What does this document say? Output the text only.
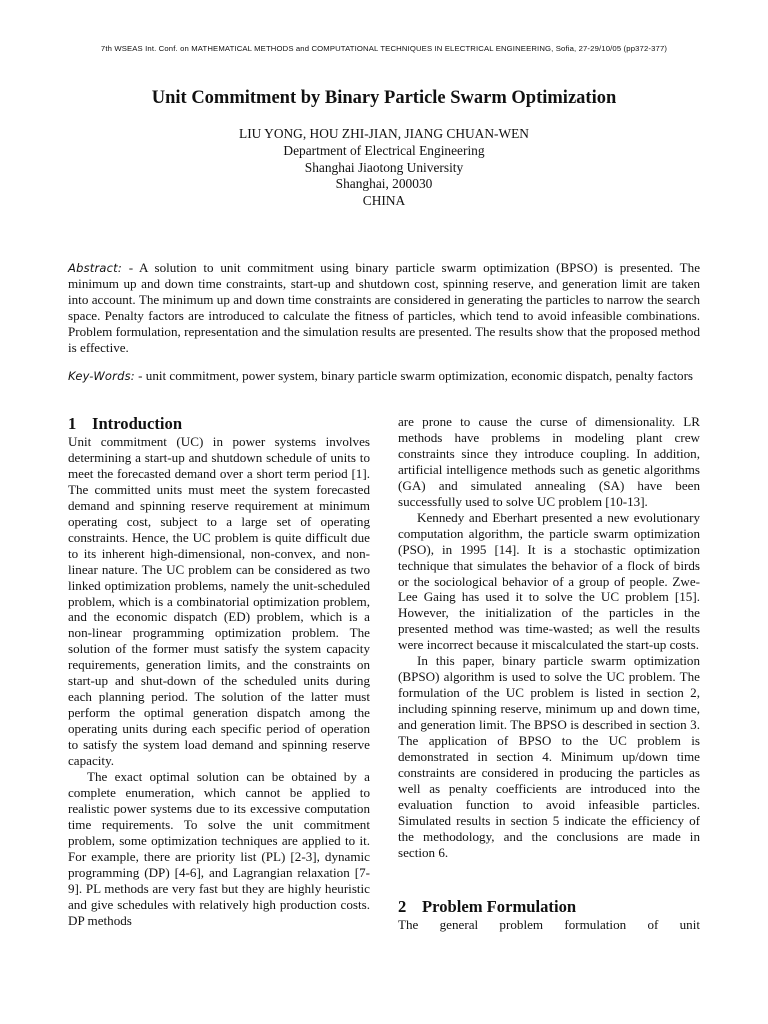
7th WSEAS Int. Conf. on MATHEMATICAL METHODS and COMPUTATIONAL TECHNIQUES IN ELECTRICAL ENGINEERING, Sofia, 27-29/10/05 (pp372-377)
Unit Commitment by Binary Particle Swarm Optimization
LIU YONG, HOU ZHI-JIAN, JIANG CHUAN-WEN
Department of Electrical Engineering
Shanghai Jiaotong University
Shanghai, 200030
CHINA
Abstract: - A solution to unit commitment using binary particle swarm optimization (BPSO) is presented. The minimum up and down time constraints, start-up and shutdown cost, spinning reserve, and generation limit are taken into account. The minimum up and down time constraints are considered in generating the particles to narrow the search space. Penalty factors are introduced to calculate the fitness of particles, which tend to avoid infeasible combinations. Problem formulation, representation and the simulation results are presented. The results show that the proposed method is effective.
Key-Words: - unit commitment, power system, binary particle swarm optimization, economic dispatch, penalty factors
1 Introduction

Unit commitment (UC) in power systems involves determining a start-up and shutdown schedule of units to meet the forecasted demand over a short term period [1]. The committed units must meet the system forecasted demand and spinning reserve requirement at minimum operating cost, subject to a large set of operating constraints. Hence, the UC problem is quite difficult due to its inherent high-dimensional, non-convex, and non-linear nature. The UC problem can be considered as two linked optimization problems, namely the unit-scheduled problem, which is a combinatorial optimization problem, and the economic dispatch (ED) problem, which is a non-linear programming optimization problem. The solution of the former must satisfy the system capacity requirements, generation limits, and the constraints on start-up and shut-down of the scheduled units during each planning period. The solution of the latter must perform the optimal generation dispatch among the operating units during each specific period of operation to satisfy the system load demand and spinning reserve capacity.

The exact optimal solution can be obtained by a complete enumeration, which cannot be applied to realistic power systems due to its excessive computation time requirements. To solve the unit commitment problem, some optimization techniques are applied to it. For example, there are priority list (PL) [2-3], dynamic programming (DP) [4-6], and Lagrangian relaxation [7-9]. PL methods are very fast but they are highly heuristic and give schedules with relatively high production costs. DP methods

are prone to cause the curse of dimensionality. LR methods have problems in modeling plant crew constraints since they introduce coupling. In addition, artificial intelligence methods such as genetic algorithms (GA) and simulated annealing (SA) have been successfully used to solve UC problem [10-13].

Kennedy and Eberhart presented a new evolutionary computation algorithm, the particle swarm optimization (PSO), in 1995 [14]. It is a stochastic optimization technique that simulates the behavior of a flock of birds or the sociological behavior of a group of people. Zwe-Lee Gaing has used it to solve the UC problem [15]. However, the initialization of the particles in the presented method was time-wasted; as well the results were incorrect because it miscalculated the start-up costs.

In this paper, binary particle swarm optimization (BPSO) algorithm is used to solve the UC problem. The formulation of the UC problem is listed in section 2, including spinning reserve, minimum up and down time, and generation limit. The BPSO is described in section 3. The application of BPSO to the UC problem is demonstrated in section 4. Minimum up/down time constraints are considered in producing the particles as well as penalty coefficients are introduced into the evaluation function to avoid infeasible particles. Simulated results in section 5 indicate the efficiency of the methodology, and the conclusions are made in section 6.

2 Problem Formulation

The general problem formulation of unit
